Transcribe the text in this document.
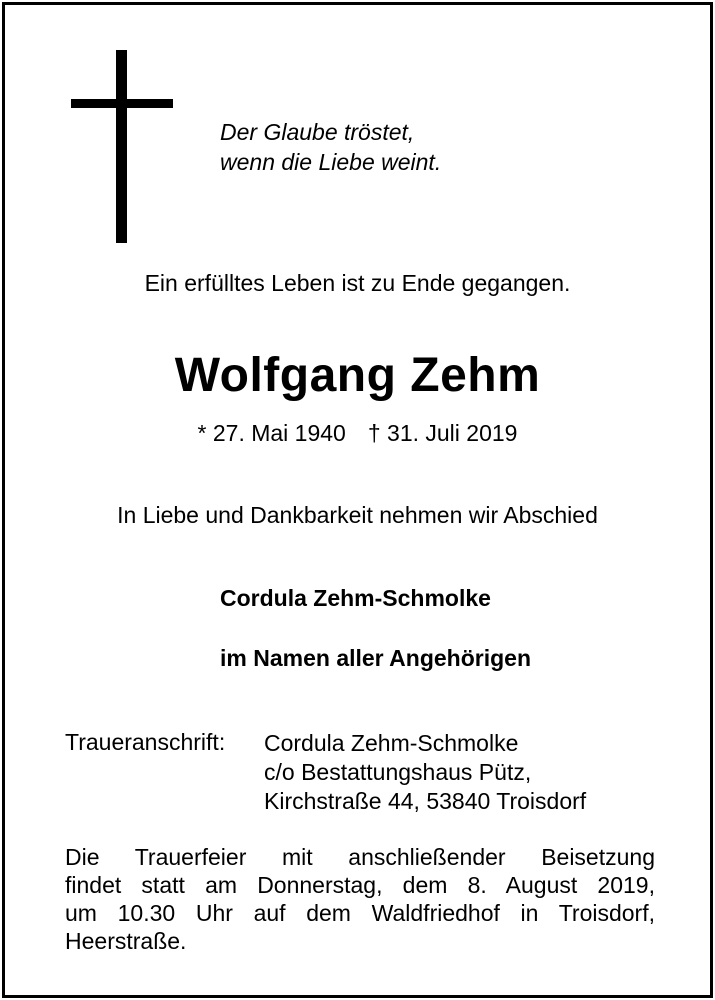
Der Glaube tröstet,
wenn die Liebe weint.
Ein erfülltes Leben ist zu Ende gegangen.
Wolfgang Zehm
* 27. Mai 1940 † 31. Juli 2019
In Liebe und Dankbarkeit nehmen wir Abschied
Cordula Zehm-Schmolke
im Namen aller Angehörigen
Traueranschrift: Cordula Zehm-Schmolke
c/o Bestattungshaus Pütz,
Kirchstraße 44, 53840 Troisdorf
Die Trauerfeier mit anschließender Beisetzung
findet statt am Donnerstag, dem 8. August 2019,
um 10.30 Uhr auf dem Waldfriedhof in Troisdorf,
Heerstraße.
